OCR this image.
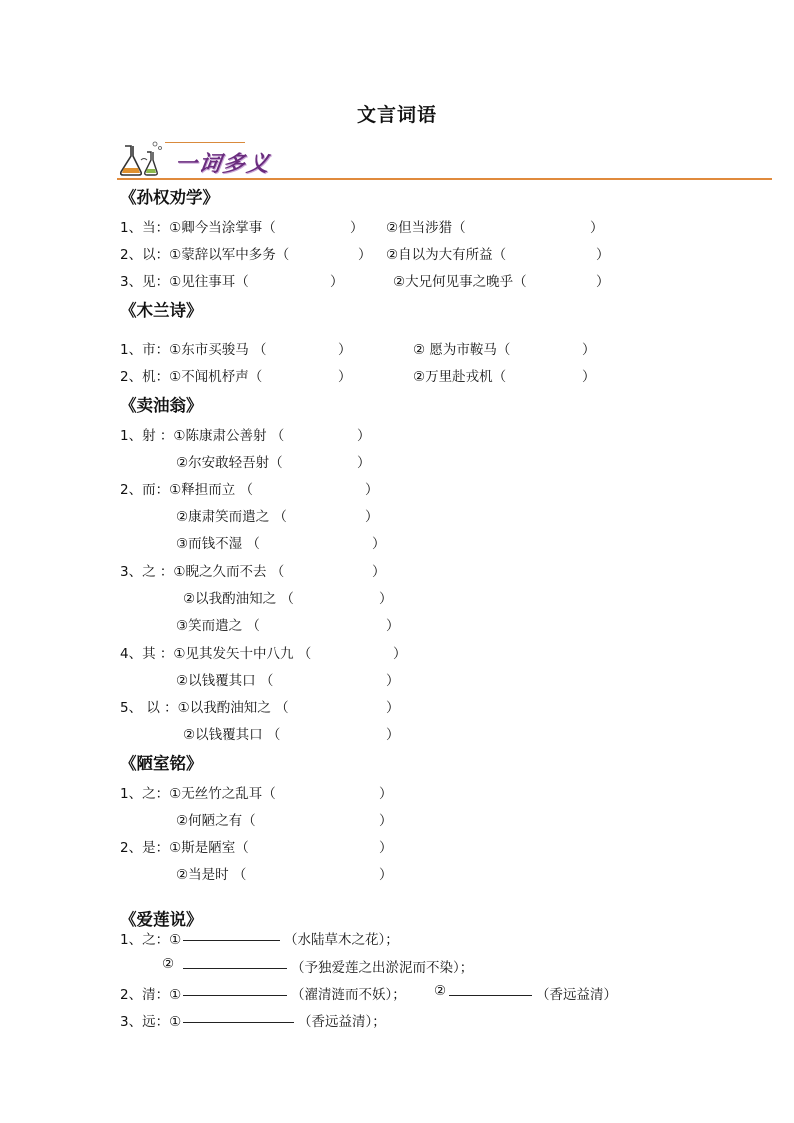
文言词语
一词多义
《孙权劝学》
1、当：①卿今当涂掌事（	） ②但当涉猎（	）
2、以：①蒙辞以军中多务（	） ②自以为大有所益（	）
3、见：①见往事耳（	）	②大兄何见事之晚乎（	）
《木兰诗》
1、市：①东市买骏马 （	）	② 愿为市鞍马（	）
2、机：①不闻机杼声（	）	②万里赴戎机（	）
《卖油翁》
1、射 ：①陈康肃公善射 （	）
②尔安敢轻吾射（	）
2、而：①释担而立 （	）
②康肃笑而遣之 （	）
③而钱不湿 （	）
3、之 ：①睨之久而不去 （	）
②以我酌油知之 （	）
③笑而遣之 （	）
4、其 ：①见其发矢十中八九 （	）
②以钱覆其口 （	）
5、 以 ：①以我酌油知之 （	）
②以钱覆其口 （	）
《陋室铭》
1、之：①无丝竹之乱耳（	）
②何陋之有（	）
2、是：①斯是陋室（	）
②当是时 （	）
《爱莲说》
1、之：①	（水陆草木之花）；
②	（予独爱莲之出淤泥而不染）；
2、清：①	（濯清涟而不妖）； ②	（香远益清）
3、远：①	（香远益清）；
